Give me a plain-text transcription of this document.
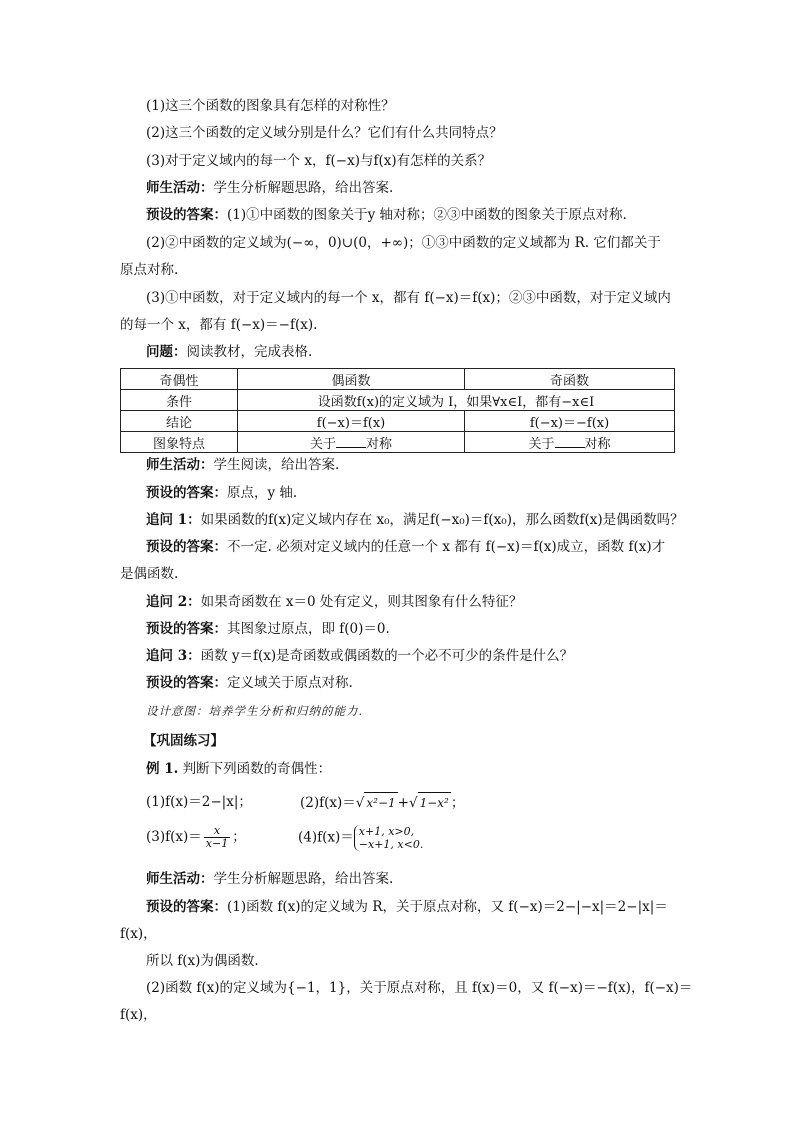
(1)这三个函数的图象具有怎样的对称性？
(2)这三个函数的定义域分别是什么？它们有什么共同特点？
(3)对于定义域内的每一个 x，f(−x)与f(x)有怎样的关系？
师生活动：学生分析解题思路，给出答案.
预设的答案：(1)①中函数的图象关于y 轴对称；②③中函数的图象关于原点对称.
(2)②中函数的定义域为(−∞，0)∪(0，+∞)；①③中函数的定义域都为 R. 它们都关于
原点对称.
(3)①中函数，对于定义域内的每一个 x，都有 f(−x)＝f(x)；②③中函数，对于定义域内
的每一个 x，都有 f(−x)＝−f(x).
问题：阅读教材，完成表格.
奇偶性	偶函数	奇函数
条件	设函数f(x)的定义域为 I，如果∀x∈I，都有−x∈I	
结论	f(−x)＝f(x)	f(−x)＝−f(x)
图象特点	关于 对称	关于 对称
师生活动：学生阅读，给出答案.
预设的答案：原点，y 轴.
追问 1：如果函数的f(x)定义域内存在 x₀，满足f(−x₀)＝f(x₀)，那么函数f(x)是偶函数吗？
预设的答案：不一定. 必须对定义域内的任意一个 x 都有 f(−x)＝f(x)成立，函数 f(x)才
是偶函数.
追问 2：如果奇函数在 x＝0 处有定义，则其图象有什么特征？
预设的答案：其图象过原点，即 f(0)＝0.
追问 3：函数 y＝f(x)是奇函数或偶函数的一个必不可少的条件是什么？
预设的答案：定义域关于原点对称.
设计意图：培养学生分析和归纳的能力.
【巩固练习】
例 1. 判断下列函数的奇偶性：
(1)f(x)＝2−|x|；	(2)f(x)＝√ x²−1 +√ 1−x² ；
$(3)f(x)= \frac{x}{x-1}$ ；	(4)f(x)＝ x+1, x>0,
−x+1, x<0.
师生活动：学生分析解题思路，给出答案.
预设的答案：(1)函数 f(x)的定义域为 R，关于原点对称，又 f(−x)＝2−|−x|＝2−|x|＝
f(x)，
所以 f(x)为偶函数.
(2)函数 f(x)的定义域为{−1，1}，关于原点对称，且 f(x)＝0，又 f(−x)＝−f(x)，f(−x)＝
f(x)，
